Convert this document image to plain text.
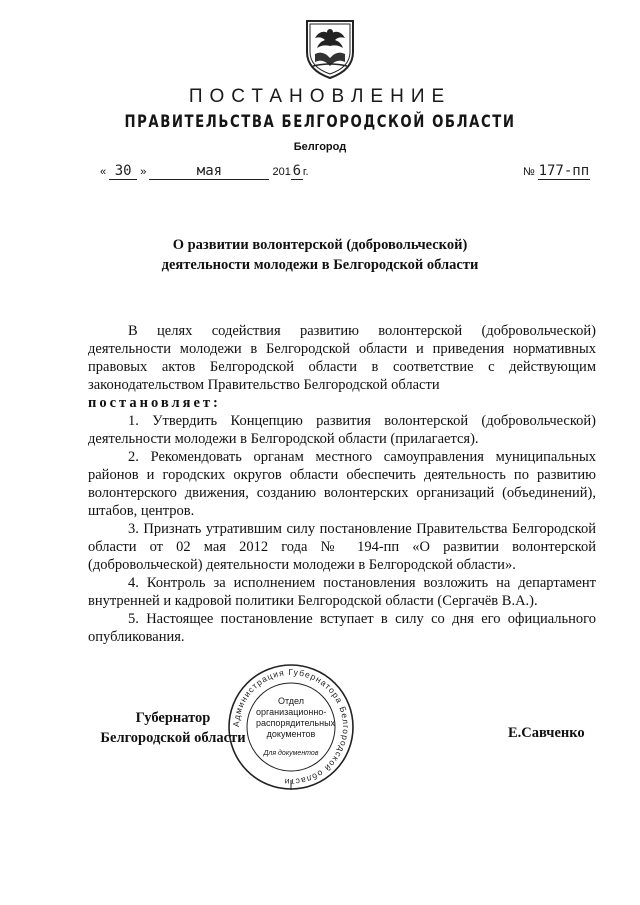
ПОСТАНОВЛЕНИЕ
ПРАВИТЕЛЬСТВА БЕЛГОРОДСКОЙ ОБЛАСТИ
Белгород
« 30 »	мая	201 6 г.	№ 177-пп
О развитии волонтерской (добровольческой)
деятельности молодежи в Белгородской области

В целях содействия развитию волонтерской (добровольческой) деятельности молодежи в Белгородской области и приведения нормативных правовых актов Белгородской области в соответствие с действующим законодательством Правительство Белгородской области
постановляет:

1. Утвердить Концепцию развития волонтерской (добровольческой) деятельности молодежи в Белгородской области (прилагается).

2. Рекомендовать органам местного самоуправления муниципальных районов и городских округов области обеспечить деятельность по развитию волонтерского движения, созданию волонтерских организаций (объединений), штабов, центров.

3. Признать утратившим силу постановление Правительства Белгородской области от 02 мая 2012 года № 194-пп «О развитии волонтерской (добровольческой) деятельности молодежи в Белгородской области».

4. Контроль за исполнением постановления возложить на департамент внутренней и кадровой политики Белгородской области (Сергачёв В.А.).

5. Настоящее постановление вступает в силу со дня его официального опубликования.

Администрация Губернатора Белгородской области
Отдел
организационно-
распорядительных
документов
Для документов
Губернатор
Белгородской области	Е.Савченко
